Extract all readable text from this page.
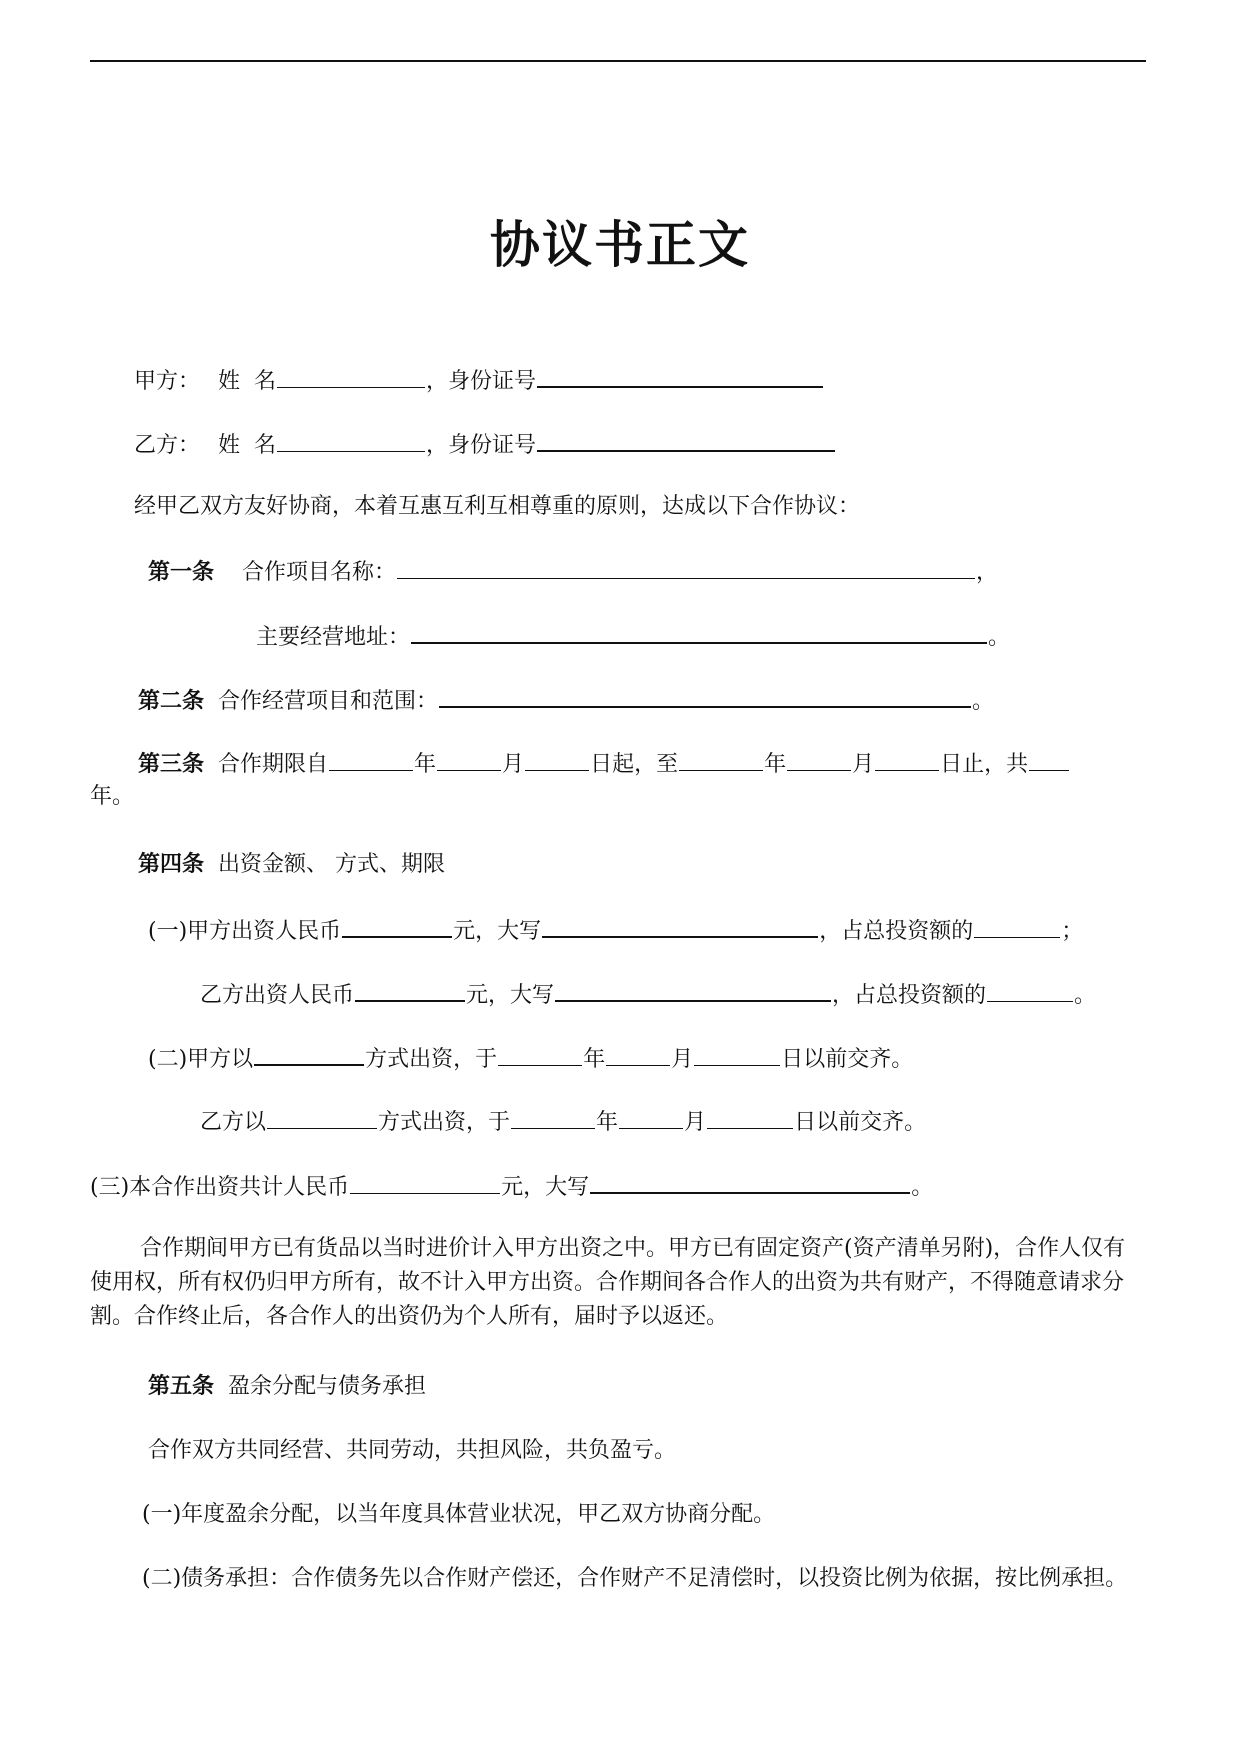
协议书正文
甲方： 姓  名	，身份证号
乙方： 姓  名	，身份证号
经甲乙双方友好协商，本着互惠互利互相尊重的原则，达成以下合作协议：
第一条 合作项目名称：	，
主要经营地址：	。
第二条 合作经营项目和范围：	。
第三条 合作期限自	年	月	日起，至	年	月	日止，共
年。
第四条 出资金额、 方式、期限
(一)甲方出资人民币	元，大写	，占总投资额的	；
乙方出资人民币	元，大写	，占总投资额的	。
(二)甲方以	方式出资，于	年	月	日以前交齐。
乙方以	方式出资，于	年	月	日以前交齐。
(三)本合作出资共计人民币	元，大写	。
合作期间甲方已有货品以当时进价计入甲方出资之中。甲方已有固定资产(资产清单另附)，合作人仅有使用权，所有权仍归甲方所有，故不计入甲方出资。合作期间各合作人的出资为共有财产，不得随意请求分割。合作终止后，各合作人的出资仍为个人所有，届时予以返还。
第五条 盈余分配与债务承担
合作双方共同经营、共同劳动，共担风险，共负盈亏。
(一)年度盈余分配，以当年度具体营业状况，甲乙双方协商分配。
(二)债务承担：合作债务先以合作财产偿还，合作财产不足清偿时，以投资比例为依据，按比例承担。
